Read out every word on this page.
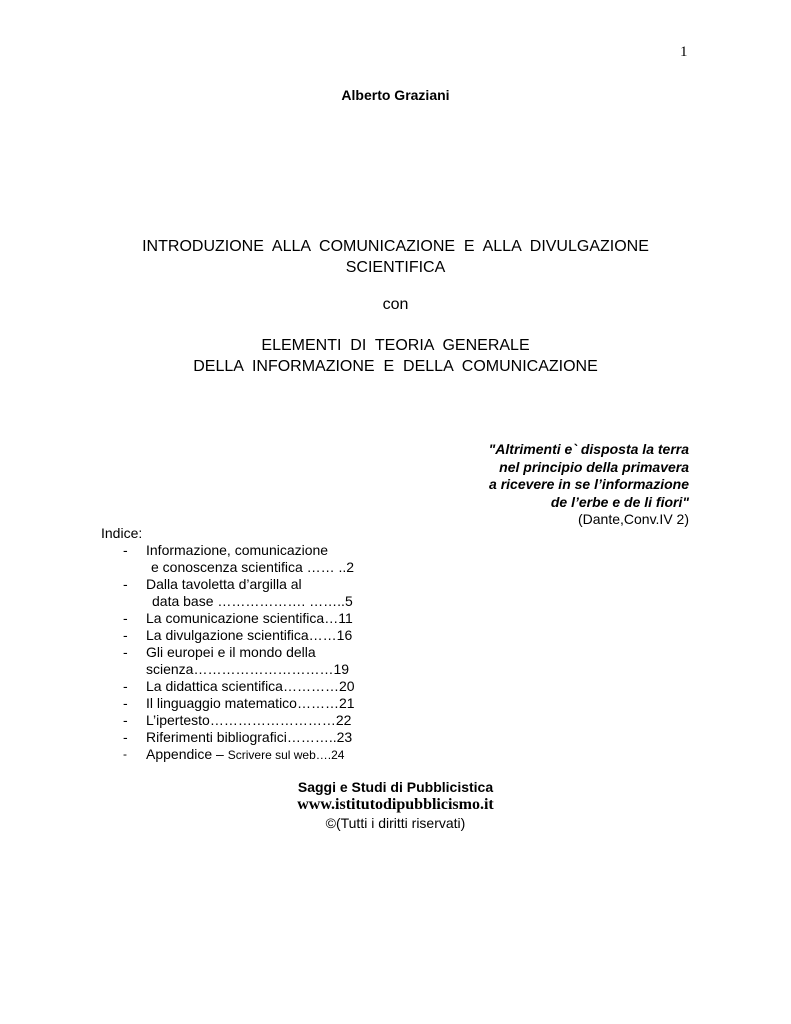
1
Alberto Graziani
INTRODUZIONE  ALLA  COMUNICAZIONE  E  ALLA  DIVULGAZIONE
SCIENTIFICA
con
ELEMENTI  DI  TEORIA  GENERALE
DELLA  INFORMAZIONE  E  DELLA  COMUNICAZIONE
"Altrimenti e` disposta la terra
nel principio della primavera
a ricevere in se l’informazione
de l’erbe e de li fiori"
(Dante,Conv.IV 2)
Indice:
- Informazione, comunicazione
e conoscenza scientifica …… ..2
- Dalla tavoletta d’argilla al
data base ………………. ……..5
- La comunicazione scientifica…11
- La divulgazione scientifica……16
- Gli europei e il mondo della
scienza…………………………19
- La didattica scientifica…………20
- Il linguaggio matematico………21
- L’ipertesto………………………22
- Riferimenti bibliografici………..23
- Appendice – Scrivere sul web….24
Saggi e Studi di Pubblicistica
www.istitutodipubblicismo.it
©(Tutti i diritti riservati)
